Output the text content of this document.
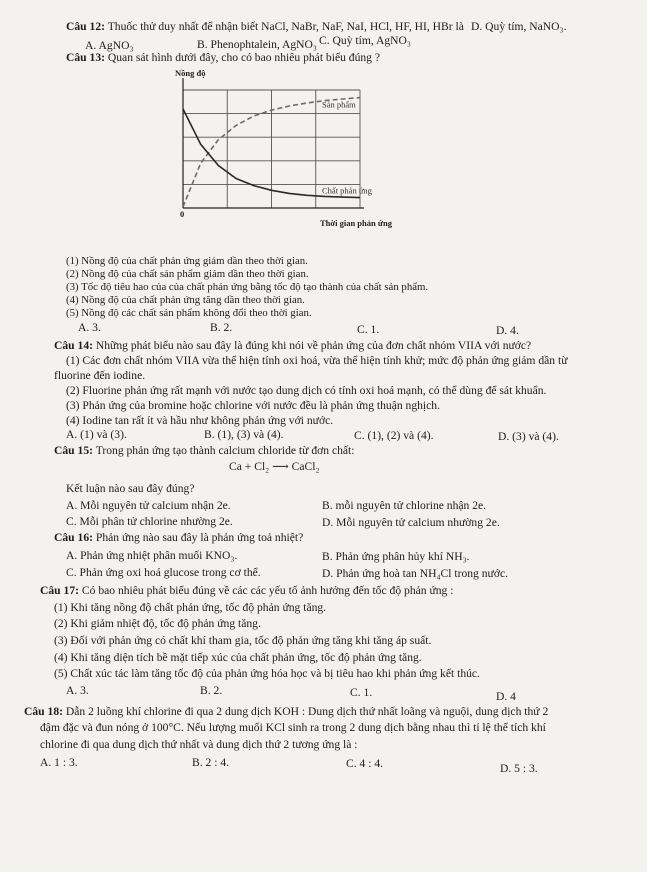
Câu 12: Thuốc thử duy nhất để nhận biết NaCl, NaBr, NaF, NaI, HCl, HF, HI, HBr là
A. AgNO₃	B. Phenophtalein, AgNO₃ C. Quỳ tím, AgNO₃
D. Quỳ tím, NaNO₃.
Câu 13: Quan sát hình dưới đây, cho có bao nhiêu phát biểu đúng ?
Sản phẩm
Chất phản ứng
Nồng độ
Thời gian phản ứng
0
(1) Nồng độ của chất phản ứng giảm dần theo thời gian.
(2) Nồng độ của chất sản phẩm giảm dần theo thời gian.
(3) Tốc độ tiêu hao của của chất phản ứng bằng tốc độ tạo thành của chất sản phẩm.
(4) Nồng độ của chất phản ứng tăng dần theo thời gian.
(5) Nồng độ các chất sản phẩm không đổi theo thời gian.
A. 3.	B. 2.	C. 1.	D. 4.
Câu 14: Những phát biểu nào sau đây là đúng khi nói về phản ứng của đơn chất nhóm VIIA với nước?
(1) Các đơn chất nhóm VIIA vừa thể hiện tính oxi hoá, vừa thể hiện tính khử; mức độ phản ứng giảm dần từ
fluorine đến iodine.
(2) Fluorine phản ứng rất mạnh với nước tạo dung dịch có tính oxi hoá mạnh, có thể dùng để sát khuẩn.
(3) Phản ứng của bromine hoặc chlorine với nước đều là phản ứng thuận nghịch.
(4) Iodine tan rất ít và hầu như không phản ứng với nước.
A. (1) và (3).	B. (1), (3) và (4).	C. (1), (2) và (4).	D. (3) và (4).
Câu 15: Trong phản ứng tạo thành calcium chloride từ đơn chất:
Ca + Cl₂ ⟶ CaCl₂
Kết luận nào sau đây đúng?
A. Mỗi nguyên tử calcium nhận 2e.	B. mỗi nguyên tử chlorine nhận 2e.
C. Mỗi phân tử chlorine nhường 2e.	D. Mỗi nguyên tử calcium nhường 2e.
Câu 16: Phản ứng nào sau đây là phản ứng toả nhiệt?
A. Phản ứng nhiệt phân muối KNO₃.	B. Phản ứng phân hủy khí NH₃.
C. Phản ứng oxi hoá glucose trong cơ thể.	D. Phản ứng hoà tan NH₄Cl trong nước.
Câu 17: Có bao nhiêu phát biểu đúng về các các yếu tố ảnh hưởng đến tốc độ phản ứng :
(1) Khi tăng nồng độ chất phản ứng, tốc độ phản ứng tăng.
(2) Khi giảm nhiệt độ, tốc độ phản ứng tăng.
(3) Đối với phản ứng có chất khí tham gia, tốc độ phản ứng tăng khi tăng áp suất.
(4) Khi tăng diện tích bề mặt tiếp xúc của chất phản ứng, tốc độ phản ứng tăng.
(5) Chất xúc tác làm tăng tốc độ của phản ứng hóa học và bị tiêu hao khi phản ứng kết thúc.
A. 3.	B. 2.	C. 1.	D. 4
Câu 18: Dẫn 2 luồng khí chlorine đi qua 2 dung dịch KOH : Dung dịch thứ nhất loãng và nguội, dung dịch thứ 2
đậm đặc và đun nóng ở 100°C. Nếu lượng muối KCl sinh ra trong 2 dung dịch bằng nhau thì tỉ lệ thể tích khí
chlorine đi qua dung dịch thứ nhất và dung dịch thứ 2 tương ứng là :
A. 1 : 3.	B. 2 : 4.	C. 4 : 4.	D. 5 : 3.
